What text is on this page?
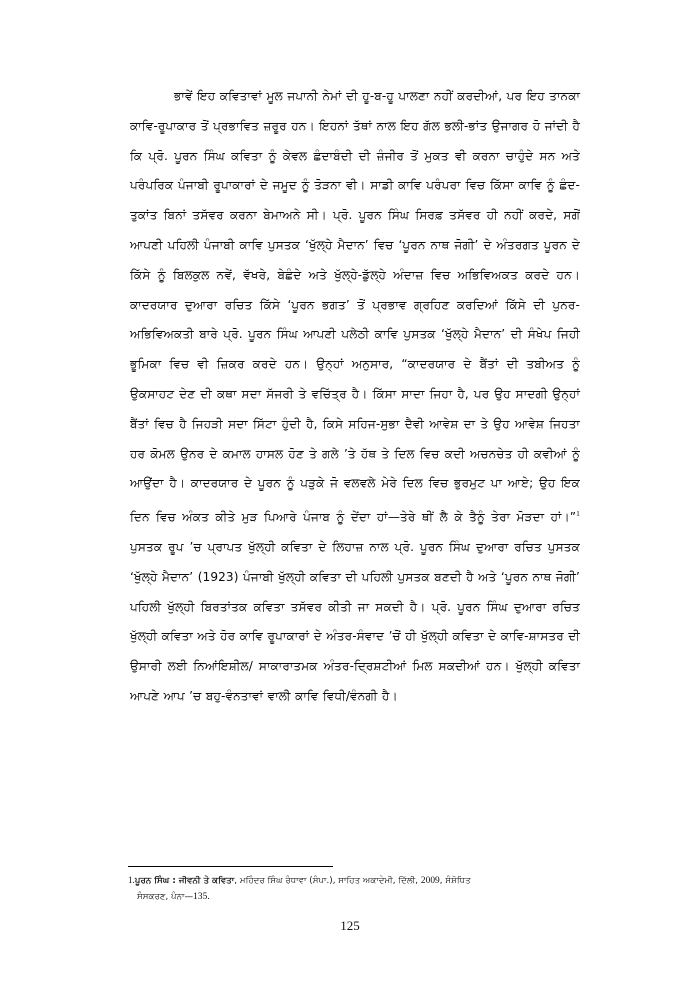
ਭਾਵੇਂ ਇਹ ਕਵਿਤਾਵਾਂ ਮੂਲ ਜਪਾਨੀ ਨੇਮਾਂ ਦੀ ਹੂ-ਬ-ਹੂ ਪਾਲਣਾ ਨਹੀਂ ਕਰਦੀਆਂ, ਪਰ ਇਹ ਤਾਨਕਾ ਕਾਵਿ-ਰੂਪਾਕਾਰ ਤੋਂ ਪ੍ਰਭਾਵਿਤ ਜ਼ਰੂਰ ਹਨ। ਇਹਨਾਂ ਤੱਥਾਂ ਨਾਲ ਇਹ ਗੱਲ ਭਲੀ-ਭਾਂਤ ਉਜਾਗਰ ਹੋ ਜਾਂਦੀ ਹੈ ਕਿ ਪ੍ਰੋ. ਪੂਰਨ ਸਿੰਘ ਕਵਿਤਾ ਨੂੰ ਕੇਵਲ ਛੰਦਾਬੰਦੀ ਦੀ ਜ਼ੰਜੀਰ ਤੋਂ ਮੁਕਤ ਵੀ ਕਰਨਾ ਚਾਹੁੰਦੇ ਸਨ ਅਤੇ ਪਰੰਪਰਿਕ ਪੰਜਾਬੀ ਰੂਪਾਕਾਰਾਂ ਦੇ ਜਮੂਦ ਨੂੰ ਤੋੜਨਾ ਵੀ। ਸਾਡੀ ਕਾਵਿ ਪਰੰਪਰਾ ਵਿਚ ਕਿੱਸਾ ਕਾਵਿ ਨੂੰ ਛੰਦ-ਤੁਕਾਂਤ ਬਿਨਾਂ ਤਸੱਵਰ ਕਰਨਾ ਬੇਮਾਅਨੇ ਸੀ। ਪ੍ਰੋ. ਪੂਰਨ ਸਿੰਘ ਸਿਰਫ਼ ਤਸੱਵਰ ਹੀ ਨਹੀਂ ਕਰਦੇ, ਸਗੋਂ ਆਪਣੀ ਪਹਿਲੀ ਪੰਜਾਬੀ ਕਾਵਿ ਪੁਸਤਕ ‘ਖੁੱਲ੍ਹੇ ਮੈਦਾਨ’ ਵਿਚ ‘ਪੂਰਨ ਨਾਥ ਜੋਗੀ’ ਦੇ ਅੰਤਰਗਤ ਪੂਰਨ ਦੇ ਕਿੱਸੇ ਨੂੰ ਬਿਲਕੁਲ ਨਵੇਂ, ਵੱਖਰੇ, ਬੇਛੰਦੇ ਅਤੇ ਖੁੱਲ੍ਹੇ-ਡੁੱਲ੍ਹੇ ਅੰਦਾਜ਼ ਵਿਚ ਅਭਿਵਿਅਕਤ ਕਰਦੇ ਹਨ। ਕਾਦਰਯਾਰ ਦੁਆਰਾ ਰਚਿਤ ਕਿੱਸੇ ‘ਪੂਰਨ ਭਗਤ’ ਤੋਂ ਪ੍ਰਭਾਵ ਗ੍ਰਹਿਣ ਕਰਦਿਆਂ ਕਿੱਸੇ ਦੀ ਪੁਨਰ-ਅਭਿਵਿਅਕਤੀ ਬਾਰੇ ਪ੍ਰੋ. ਪੂਰਨ ਸਿੰਘ ਆਪਣੀ ਪਲੇਠੀ ਕਾਵਿ ਪੁਸਤਕ ‘ਖੁੱਲ੍ਹੇ ਮੈਦਾਨ’ ਦੀ ਸੰਖੇਪ ਜਿਹੀ ਭੂਮਿਕਾ ਵਿਚ ਵੀ ਜ਼ਿਕਰ ਕਰਦੇ ਹਨ। ਉਨ੍ਹਾਂ ਅਨੁਸਾਰ, “ਕਾਦਰਯਾਰ ਦੇ ਬੈਂਤਾਂ ਦੀ ਤਬੀਅਤ ਨੂੰ ਉਕਸਾਹਟ ਦੇਣ ਦੀ ਕਥਾ ਸਦਾ ਸੱਜਰੀ ਤੇ ਵਚਿੱਤ੍ਰ ਹੈ। ਕਿੱਸਾ ਸਾਦਾ ਜਿਹਾ ਹੈ, ਪਰ ਉਹ ਸਾਦਗੀ ਉਨ੍ਹਾਂ ਬੈਂਤਾਂ ਵਿਚ ਹੈ ਜਿਹੜੀ ਸਦਾ ਸਿੱਟਾ ਹੁੰਦੀ ਹੈ, ਕਿਸੇ ਸਹਿਜ-ਸੁਭਾ ਦੈਵੀ ਆਵੇਸ਼ ਦਾ ਤੇ ਉਹ ਆਵੇਸ਼ ਜਿਹਤਾ ਹਰ ਕੋਮਲ ਉਨਰ ਦੇ ਕਮਾਲ ਹਾਸਲ ਹੋਣ ਤੇ ਗਲੇ ’ਤੇ ਹੱਥ ਤੇ ਦਿਲ ਵਿਚ ਕਦੀ ਅਚਨਚੇਤ ਹੀ ਕਵੀਆਂ ਨੂੰ ਆਉਂਦਾ ਹੈ। ਕਾਦਰਯਾਰ ਦੇ ਪੂਰਨ ਨੂੰ ਪੜੁਕੇ ਜੋ ਵਲਵਲੇ ਮੇਰੇ ਦਿਲ ਵਿਚ ਭੁਰਮੁਟ ਪਾ ਆਏ; ਉਹ ਇਕ ਦਿਨ ਵਿਚ ਅੰਕਤ ਕੀਤੇ ਮੁੜ ਪਿਆਰੇ ਪੰਜਾਬ ਨੂੰ ਦੇਂਦਾ ਹਾਂ—ਤੇਰੇ ਥੀਂ ਲੈ ਕੇ ਤੈਨੂੰ ਤੇਰਾ ਮੋੜਦਾ ਹਾਂ।”$^1$ ਪੁਸਤਕ ਰੂਪ ’ਚ ਪ੍ਰਾਪਤ ਖੁੱਲ੍ਹੀ ਕਵਿਤਾ ਦੇ ਲਿਹਾਜ਼ ਨਾਲ ਪ੍ਰੋ. ਪੂਰਨ ਸਿੰਘ ਦੁਆਰਾ ਰਚਿਤ ਪੁਸਤਕ ‘ਖੁੱਲ੍ਹੇ ਮੈਦਾਨ’ (1923) ਪੰਜਾਬੀ ਖੁੱਲ੍ਹੀ ਕਵਿਤਾ ਦੀ ਪਹਿਲੀ ਪੁਸਤਕ ਬਣਦੀ ਹੈ ਅਤੇ ‘ਪੂਰਨ ਨਾਥ ਜੋਗੀ’ ਪਹਿਲੀ ਖੁੱਲ੍ਹੀ ਬਿਰਤਾਂਤਕ ਕਵਿਤਾ ਤਸੱਵਰ ਕੀਤੀ ਜਾ ਸਕਦੀ ਹੈ। ਪ੍ਰੋ. ਪੂਰਨ ਸਿੰਘ ਦੁਆਰਾ ਰਚਿਤ ਖੁੱਲ੍ਹੀ ਕਵਿਤਾ ਅਤੇ ਹੋਰ ਕਾਵਿ ਰੂਪਾਕਾਰਾਂ ਦੇ ਅੰਤਰ-ਸੰਵਾਦ ’ਚੋਂ ਹੀ ਖੁੱਲ੍ਹੀ ਕਵਿਤਾ ਦੇ ਕਾਵਿ-ਸ਼ਾਸਤਰ ਦੀ ਉਸਾਰੀ ਲਈ ਨਿਆਂਇਸ਼ੀਲ/ ਸਾਕਾਰਾਤਮਕ ਅੰਤਰ-ਦ੍ਰਿਸ਼ਟੀਆਂ ਮਿਲ ਸਕਦੀਆਂ ਹਨ। ਖੁੱਲ੍ਹੀ ਕਵਿਤਾ ਆਪਣੇ ਆਪ ’ਚ ਬਹੁ-ਵੰਨਤਾਵਾਂ ਵਾਲੀ ਕਾਵਿ ਵਿਧੀ/ਵੰਨਗੀ ਹੈ।

1.ਪੂਰਨ ਸਿੰਘ : ਜੀਵਨੀ ਤੇ ਕਵਿਤਾ, ਮਹਿੰਦਰ ਸਿੰਘ ਰੰਧਾਵਾ (ਸੰਪਾ.), ਸਾਹਿਤ ਅਕਾਦੇਮੀ, ਦਿੱਲੀ, 2009, ਸੰਸ਼ੋਧਿਤ

ਸੰਸਕਰਣ, ਪੰਨਾ—135.

125
